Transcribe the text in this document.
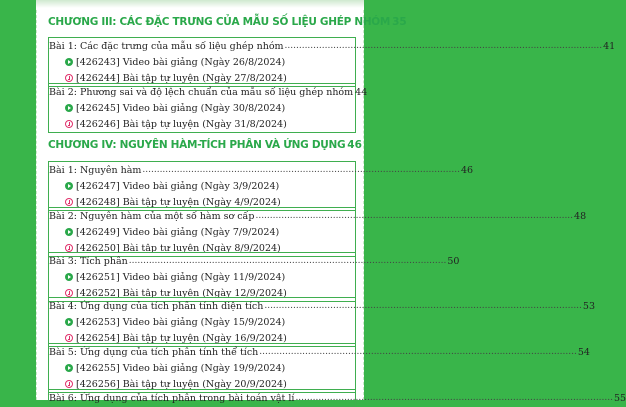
CHƯƠNG III: CÁC ĐẶC TRƯNG CỦA MẪU SỐ LIỆU GHÉP NHÓM 35
Bài 1: Các đặc trưng của mẫu số liệu ghép nhóm .....	41
[426243] Video bài giảng (Ngày 26/8/2024)
[426244] Bài tập tự luyện (Ngày 27/8/2024)
Bài 2: Phương sai và độ lệch chuẩn của mẫu số liệu ghép nhóm 44
[426245] Video bài giảng (Ngày 30/8/2024)
[426246] Bài tập tự luyện (Ngày 31/8/2024)
CHƯƠNG IV: NGUYÊN HÀM-TÍCH PHÂN VÀ ỨNG DỤNG 46
Bài 1: Nguyên hàm .....	46
[426247] Video bài giảng (Ngày 3/9/2024)
[426248] Bài tập tự luyện (Ngày 4/9/2024)
Bài 2: Nguyên hàm của một số hàm sơ cấp .....	48
[426249] Video bài giảng (Ngày 7/9/2024)
[426250] Bài tập tự luyện (Ngày 8/9/2024)
Bài 3: Tích phân .....	50
[426251] Video bài giảng (Ngày 11/9/2024)
[426252] Bài tập tự luyện (Ngày 12/9/2024)
Bài 4: Ứng dụng của tích phân tính diện tích .....	53
[426253] Video bài giảng (Ngày 15/9/2024)
[426254] Bài tập tự luyện (Ngày 16/9/2024)
Bài 5: Ứng dụng của tích phân tính thể tích .....	54
[426255] Video bài giảng (Ngày 19/9/2024)
[426256] Bài tập tự luyện (Ngày 20/9/2024)
Bài 6: Ứng dụng của tích phân trong bài toán vật lí .....	55
